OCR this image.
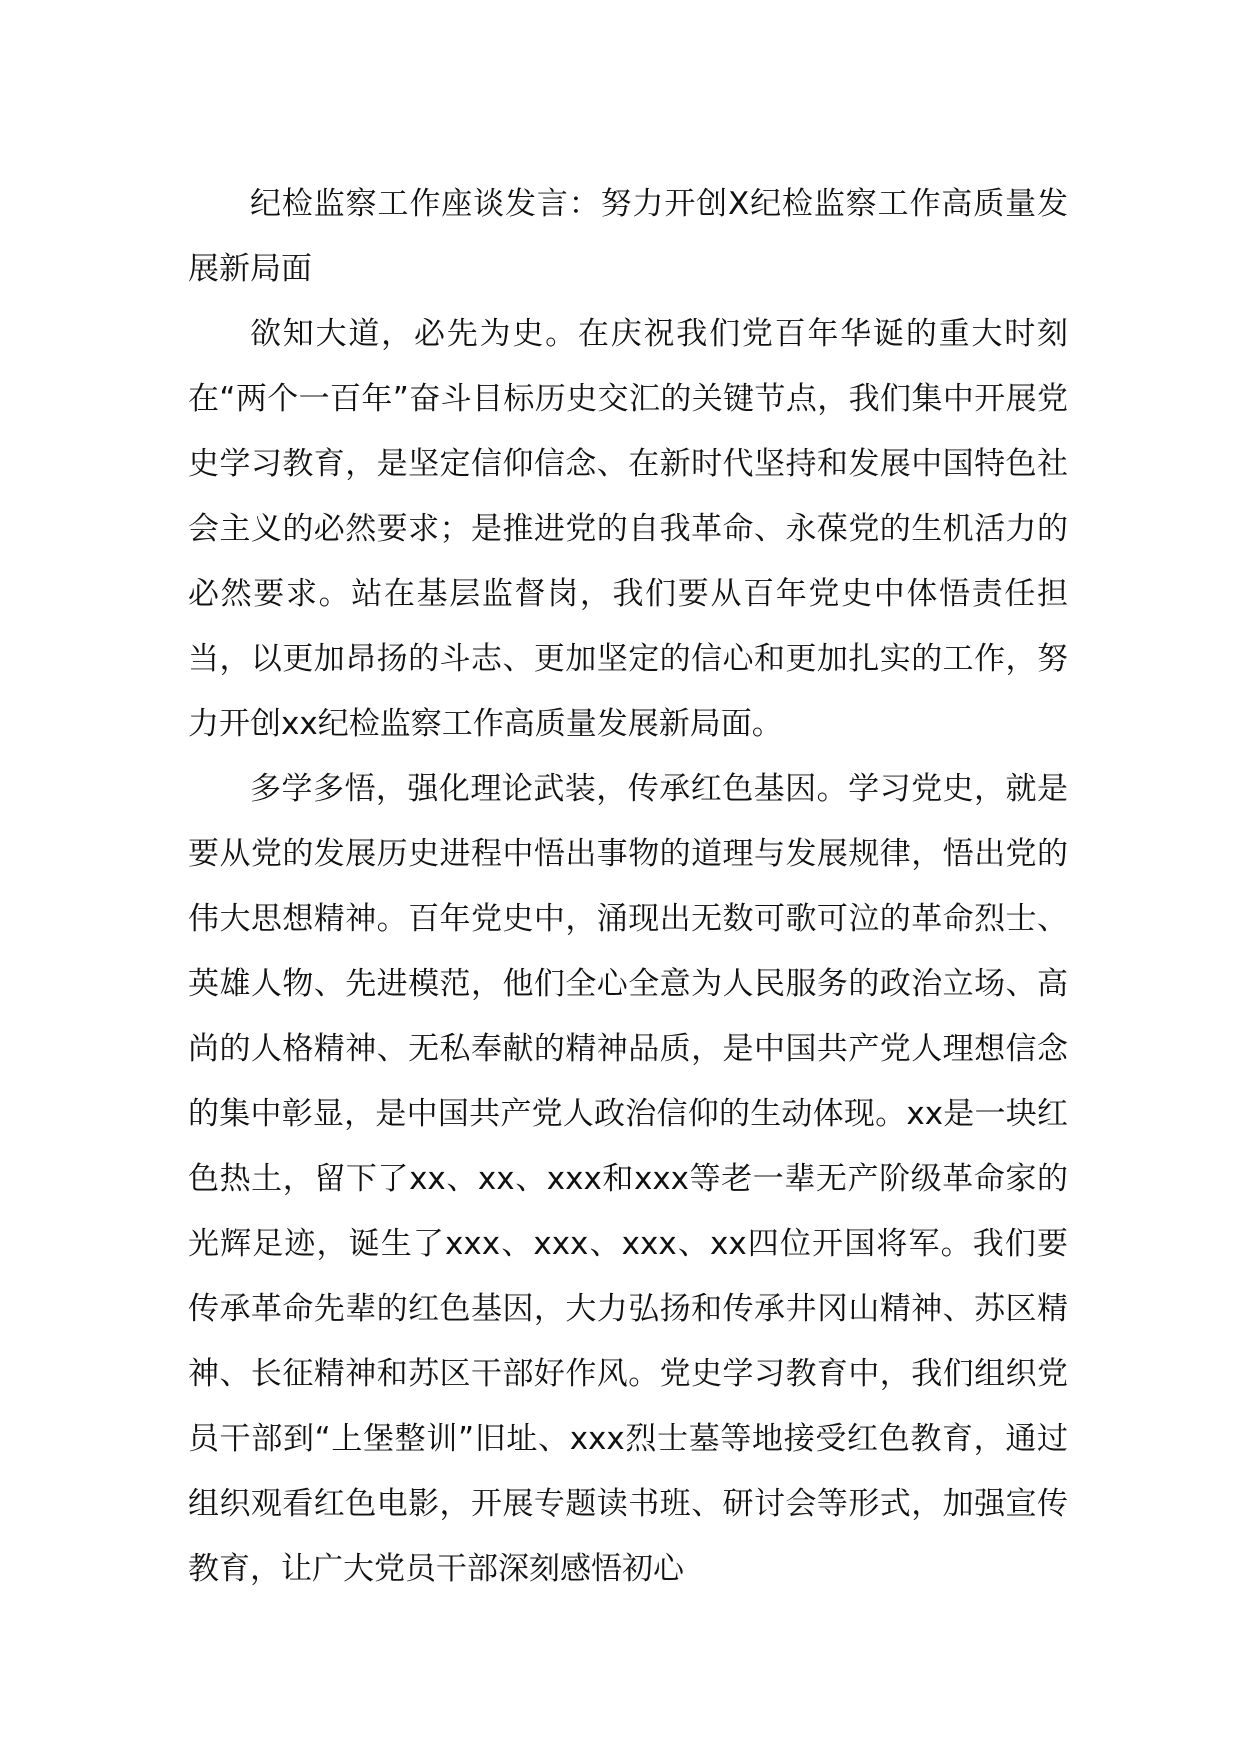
纪检监察工作座谈发言：努力开创X纪检监察工作高质量发展新局面

欲知大道，必先为史。在庆祝我们党百年华诞的重大时刻在“两个一百年”奋斗目标历史交汇的关键节点，我们集中开展党史学习教育，是坚定信仰信念、在新时代坚持和发展中国特色社会主义的必然要求；是推进党的自我革命、永葆党的生机活力的必然要求。站在基层监督岗，我们要从百年党史中体悟责任担当，以更加昂扬的斗志、更加坚定的信心和更加扎实的工作，努力开创xx纪检监察工作高质量发展新局面。

多学多悟，强化理论武装，传承红色基因。学习党史，就是要从党的发展历史进程中悟出事物的道理与发展规律，悟出党的伟大思想精神。百年党史中，涌现出无数可歌可泣的革命烈士、英雄人物、先进模范，他们全心全意为人民服务的政治立场、高尚的人格精神、无私奉献的精神品质，是中国共产党人理想信念的集中彰显，是中国共产党人政治信仰的生动体现。xx是一块红色热土，留下了xx、xx、xxx和xxx等老一辈无产阶级革命家的光辉足迹，诞生了xxx、xxx、xxx、xx四位开国将军。我们要传承革命先辈的红色基因，大力弘扬和传承井冈山精神、苏区精神、长征精神和苏区干部好作风。党史学习教育中，我们组织党员干部到“上堡整训”旧址、xxx烈士墓等地接受红色教育，通过组织观看红色电影，开展专题读书班、研讨会等形式，加强宣传教育，让广大党员干部深刻感悟初心
